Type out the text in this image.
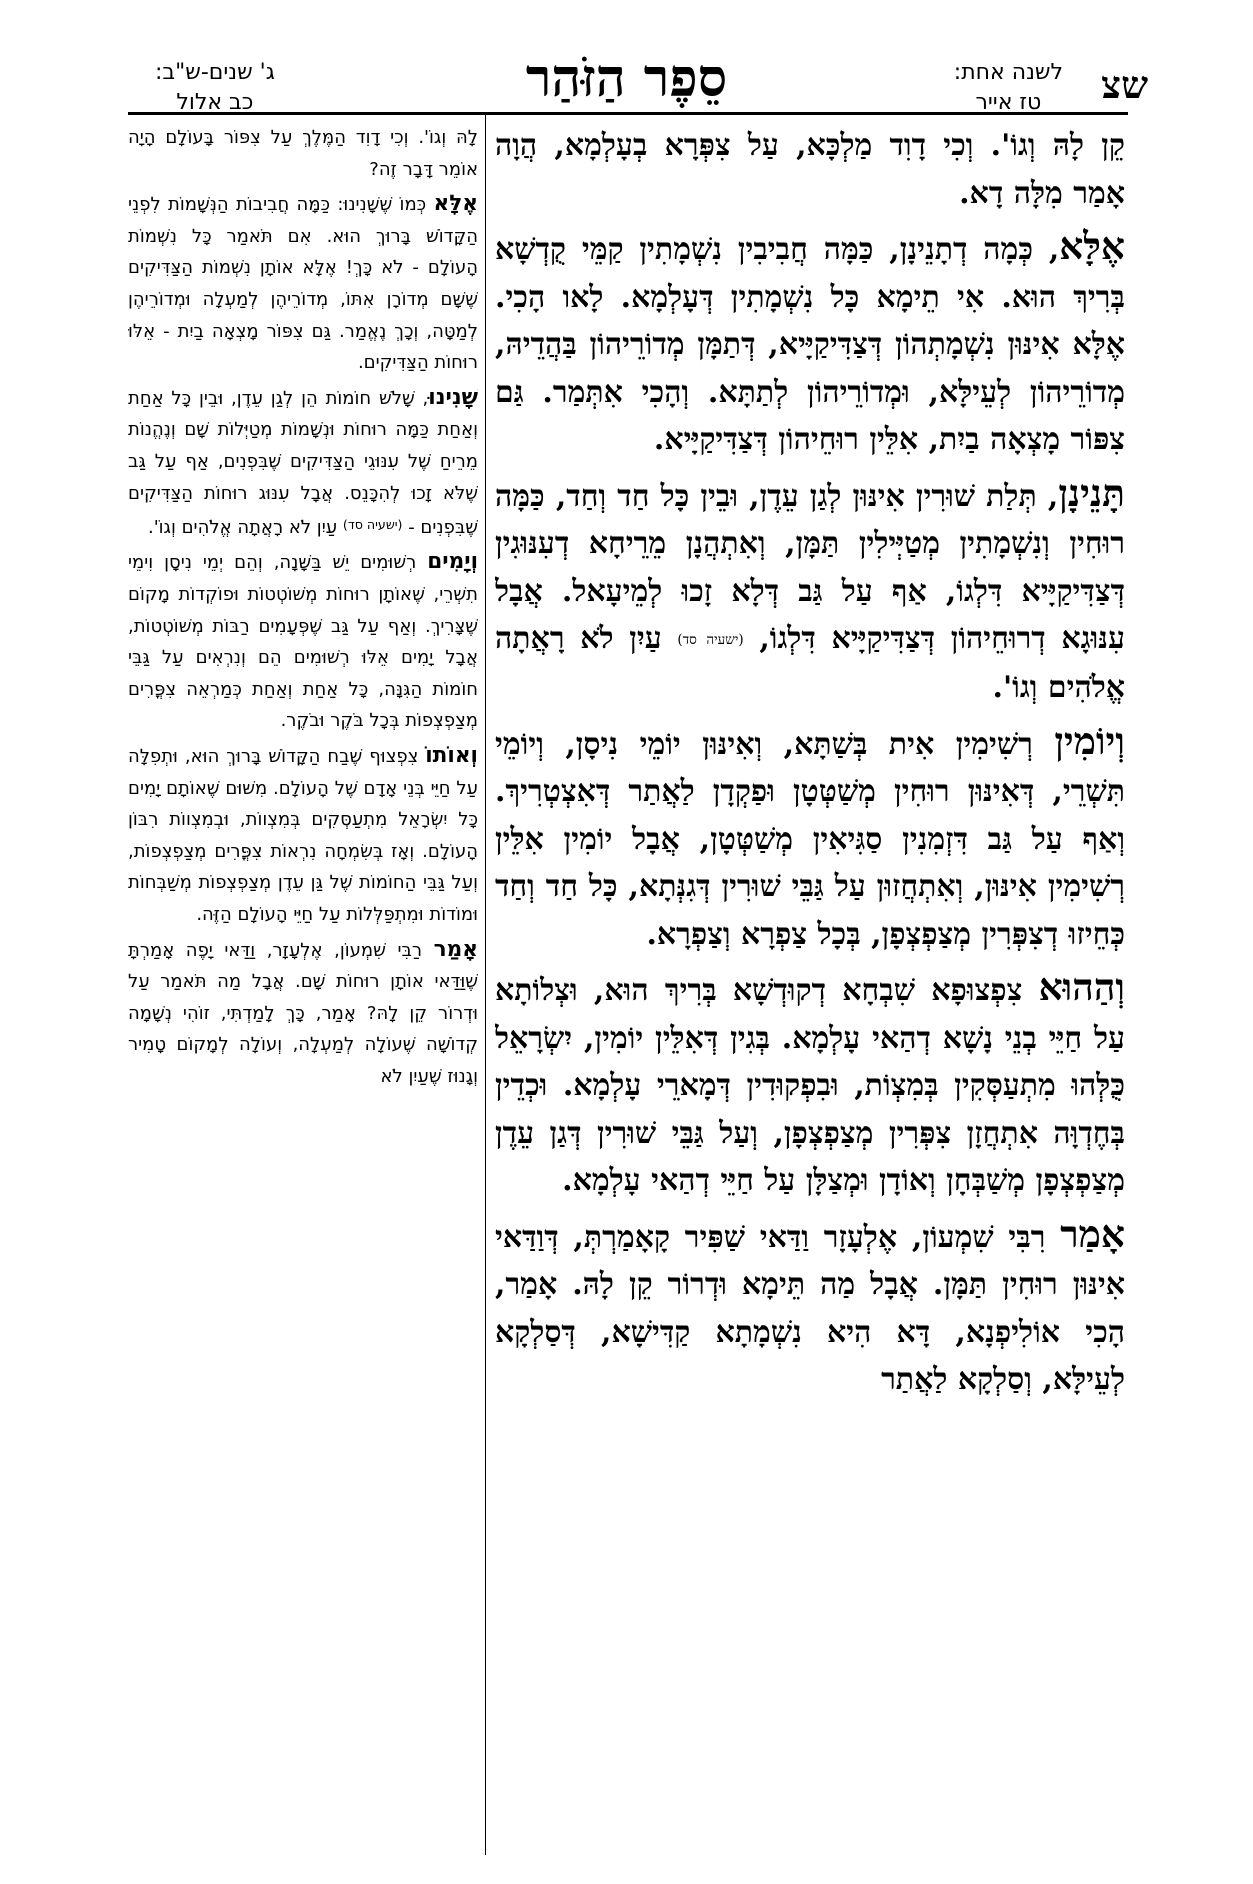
שצ
לשנה אחת:
טז אייר
סֵפֶר הַזֹּהַר
ג' שנים-ש"ב:
כב אלול

קֵן לָהּ וְגוֹ'. וְכִי דָוִד מַלְכָּא, עַל צִפְּרָא בְעָלְמָא, הֲוָה אָמַר מִלָּה דָא.

אֶלָּא, כְּמָה דְתָנֵינָן, כַּמָּה חֲבִיבִין נִשְׁמָתִין קַמֵּי קֻדְשָׁא בְּרִיךְ הוּא. אִי תֵימָא כָּל נִשְׁמָתִין דְּעָלְמָא. לָאו הָכִי. אֶלָּא אִינּוּן נִשְׁמָתְהוֹן דְּצַדִּיקַיָּיא, דְּתַמָּן מְדוֹרֵיהוֹן בַּהֲדֵיהּ, מְדוֹרֵיהוֹן לְעֵילָּא, וּמְדוֹרֵיהוֹן לְתַתָּא. וְהָכִי אִתְּמַר. גַּם צִפּוֹר מָצְאָה בַיִת, אִלֵּין רוּחֵיהוֹן דְּצַדִּיקַיָּיא.

תָּנֵינָן, תְּלַת שׁוּרִין אִינּוּן לְגַן עֵדֶן, וּבֵין כָּל חַד וְחַד, כַּמָּה רוּחִין וְנִשְׁמָתִין מְטַיְּילִין תַּמָּן, וְאִתְהֲנָן מֵרֵיחָא דְעִנּוּגִין דְּצַדִּיקַיָּיא דִּלְגוֹ, אַף עַל גַּב דְּלָא זָכוּ לְמֵיעָאל. אֲבָל עִנּוּגָא דְרוּחֵיהוֹן דְּצַדִּיקַיָּיא דִּלְגוֹ, (ישעיה סד) עַיִן לֹא רָאֲתָה אֱלֹהִים וְגוֹ'.

וְיוֹמִין רְשִׁימִין אִית בְּשַׁתָּא, וְאִינּוּן יוֹמֵי נִיסָן, וְיוֹמֵי תִּשְׁרֵי, דְּאִינּוּן רוּחִין מְשַׁטְּטָן וּפַקְדָן לַאֲתַר דְּאִצְטְרִיךְ. וְאַף עַל גַּב דִּזְמִנִין סַגִּיאִין מְשַׁטְּטָן, אֲבָל יוֹמִין אִלֵּין רְשִׁימִין אִינּוּן, וְאִתְחֲזוּן עַל גַּבֵּי שׁוּרִין דְּגִנְּתָא, כָּל חַד וְחַד כְּחֵיזוּ דְצִפְּרִין מְצַפְצְפָן, בְּכָל צַפְרָא וְצַפְרָא.

וְהַהוּא צִפְצוּפָא שִׁבְחָא דְקוּדְשָׁא בְּרִיךְ הוּא, וּצְלוֹתָא עַל חַיֵּי בְנֵי נָשָׁא דְהַאי עָלְמָא. בְּגִין דְּאִלֵּין יוֹמִין, יִשְׂרָאֵל כֻּלְּהוּ מִתְעַסְּקִין בְּמִצְוֹת, וּבִפְקוּדִין דְּמָארֵי עָלְמָא. וּכְדֵין בְּחֶדְוָּה אִתְחֲזָן צִפְּרִין מְצַפְצְפָן, וְעַל גַּבֵּי שׁוּרִין דְּגַן עֵדֶן מְצַפְצְפָן מְשַׁבְּחָן וְאוֹדָן וּמְצַלָּן עַל חַיֵּי דְהַאי עָלְמָא.

אָמַר רִבִּי שִׁמְעוֹן, אֶלְעָזָר וַדַּאי שַׁפִּיר קָאָמַרְתְּ, דְּוַדַּאי אִינּוּן רוּחִין תַּמָּן. אֲבָל מַה תֵּימָא וּדְרוֹר קֵן לָהּ. אָמַר, הָכִי אוֹלִיפְנָא, דָּא הִיא נִשְׁמָתָא קַדִּישָׁא, דְּסַלְקָא לְעֵילָּא, וְסַלְקָא לַאֲתַר

לָהּ וְגוֹ'. וְכִי דָוִד הַמֶּלֶךְ עַל צִפּוֹר בָּעוֹלָם הָיָה אוֹמֵר דָּבָר זֶה?

אֶלָּא כְּמוֹ שֶׁשָּׁנִינוּ: כַּמָּה חֲבִיבוֹת הַנְּשָׁמוֹת לִפְנֵי הַקָּדוֹשׁ בָּרוּךְ הוּא. אִם תֹּאמַר כָּל נִשְׁמוֹת הָעוֹלָם - לֹא כָּךְ! אֶלָּא אוֹתָן נִשְׁמוֹת הַצַּדִּיקִים שֶׁשָּׁם מְדוֹרָן אִתּוֹ, מְדוֹרֵיהֶן לְמַעְלָה וּמְדוֹרֵיהֶן לְמַטָּה, וְכָךְ נֶאֱמַר. גַּם צִפּוֹר מָצְאָה בַיִת - אֵלּוּ רוּחוֹת הַצַּדִּיקִים.

שָׁנִינוּ, שָׁלֹשׁ חוֹמוֹת הֵן לְגַן עֵדֶן, וּבֵין כָּל אַחַת וְאַחַת כַּמָּה רוּחוֹת וּנְשָׁמוֹת מְטַיְּלוֹת שָׁם וְנֶהֱנוֹת מֵרֵיחַ שֶׁל עִנּוּגֵי הַצַּדִּיקִים שֶׁבִּפְנִים, אַף עַל גַּב שֶׁלֹּא זָכוּ לְהִכָּנֵס. אֲבָל עִנּוּג רוּחוֹת הַצַּדִּיקִים שֶׁבִּפְנִים - $^{(ישעיה סד)}$ עַיִן לֹא רָאֲתָה אֱלֹהִים וְגוֹ'.

וְיָמִים רְשׁוּמִים יֵשׁ בַּשָּׁנָה, וְהֵם יְמֵי נִיסָן וִימֵי תִשְׁרֵי, שֶׁאוֹתָן רוּחוֹת מְשׁוֹטְטוֹת וּפוֹקְדוֹת מָקוֹם שֶׁצָּרִיךְ. וְאַף עַל גַּב שֶׁפְּעָמִים רַבּוֹת מְשׁוֹטְטוֹת, אֲבָל יָמִים אֵלּוּ רְשׁוּמִים הֵם וְנִרְאִים עַל גַּבֵּי חוֹמוֹת הַגִּנָּה, כָּל אַחַת וְאַחַת כְּמַרְאֵה צִפֳּרִים מְצַפְצְפוֹת בְּכָל בֹּקֶר וּבֹקֶר.

וְאוֹתוֹ צִפְצוּף שֶׁבַח הַקָּדוֹשׁ בָּרוּךְ הוּא, וּתְפִלָּה עַל חַיֵּי בְּנֵי אָדָם שֶׁל הָעוֹלָם. מִשּׁוּם שֶׁאוֹתָם יָמִים כָּל יִשְׂרָאֵל מִתְעַסְּקִים בְּמִצְווֹת, וּבְמִצְווֹת רִבּוֹן הָעוֹלָם. וְאָז בְּשִׂמְחָה נִרְאוֹת צִפֳּרִים מְצַפְצְפוֹת, וְעַל גַּבֵּי הַחוֹמוֹת שֶׁל גַּן עֵדֶן מְצַפְצְפוֹת מְשַׁבְּחוֹת וּמוֹדוֹת וּמִתְפַּלְּלוֹת עַל חַיֵּי הָעוֹלָם הַזֶּה.

אָמַר רַבִּי שִׁמְעוֹן, אֶלְעָזָר, וַדַּאי יָפֶה אָמַרְתָּ שֶׁוַּדַּאי אוֹתָן רוּחוֹת שָׁם. אֲבָל מַה תֹּאמַר עַל וּדְרוֹר קֵן לָהּ? אָמַר, כָּךְ לָמַדְתִּי, זוֹהִי נְשָׁמָה קְדוֹשָׁה שֶׁעוֹלָה לְמַעְלָה, וְעוֹלָה לְמָקוֹם טָמִיר וְגָנוּז שֶׁעַיִן לֹא
